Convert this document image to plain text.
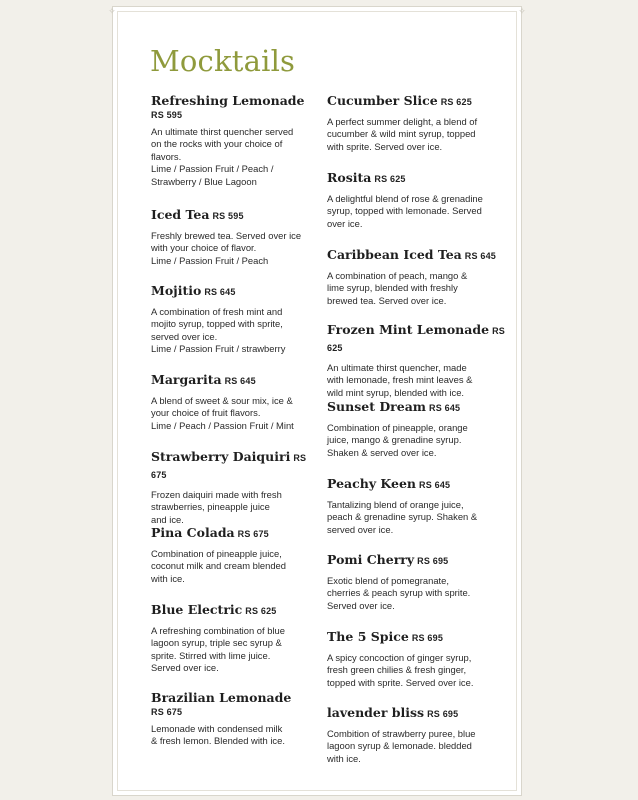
✧	✧
Mocktails

Refreshing Lemonade
RS 595

An ultimate thirst quencher served
on the rocks with your choice of
flavors.
Lime / Passion Fruit / Peach /
Strawberry / Blue Lagoon

Iced Tea RS 595

Freshly brewed tea. Served over ice
with your choice of flavor.
Lime / Passion Fruit / Peach

Mojitio RS 645

A combination of fresh mint and
mojito syrup, topped with sprite,
served over ice.
Lime / Passion Fruit / strawberry

Margarita RS 645

A blend of sweet & sour mix, ice &
your choice of fruit flavors.
Lime / Peach / Passion Fruit / Mint

Strawberry Daiquiri RS 675

Frozen daiquiri made with fresh
strawberries, pineapple juice
and ice.

Pina Colada RS 675

Combination of pineapple juice,
coconut milk and cream blended
with ice.

Blue Electric RS 625

A refreshing combination of blue
lagoon syrup, triple sec syrup &
sprite. Stirred with lime juice.
Served over ice.

Brazilian Lemonade
RS 675

Lemonade with condensed milk
& fresh lemon. Blended with ice.

Cucumber Slice RS 625

A perfect summer delight, a blend of
cucumber & wild mint syrup, topped
with sprite. Served over ice.

Rosita RS 625

A delightful blend of rose & grenadine
syrup, topped with lemonade. Served
over ice.

Caribbean Iced Tea RS 645

A combination of peach, mango &
lime syrup, blended with freshly
brewed tea. Served over ice.

Frozen Mint Lemonade RS 625

An ultimate thirst quencher, made
with lemonade, fresh mint leaves &
wild mint syrup, blended with ice.

Sunset Dream RS 645

Combination of pineapple, orange
juice, mango & grenadine syrup.
Shaken & served over ice.

Peachy Keen RS 645

Tantalizing blend of orange juice,
peach & grenadine syrup. Shaken &
served over ice.

Pomi Cherry RS 695

Exotic blend of pomegranate,
cherries & peach syrup with sprite.
Served over ice.

The 5 Spice RS 695

A spicy concoction of ginger syrup,
fresh green chilies & fresh ginger,
topped with sprite. Served over ice.

lavender bliss RS 695

Combition of strawberry puree, blue
lagoon syrup & lemonade. bledded
with ice.
